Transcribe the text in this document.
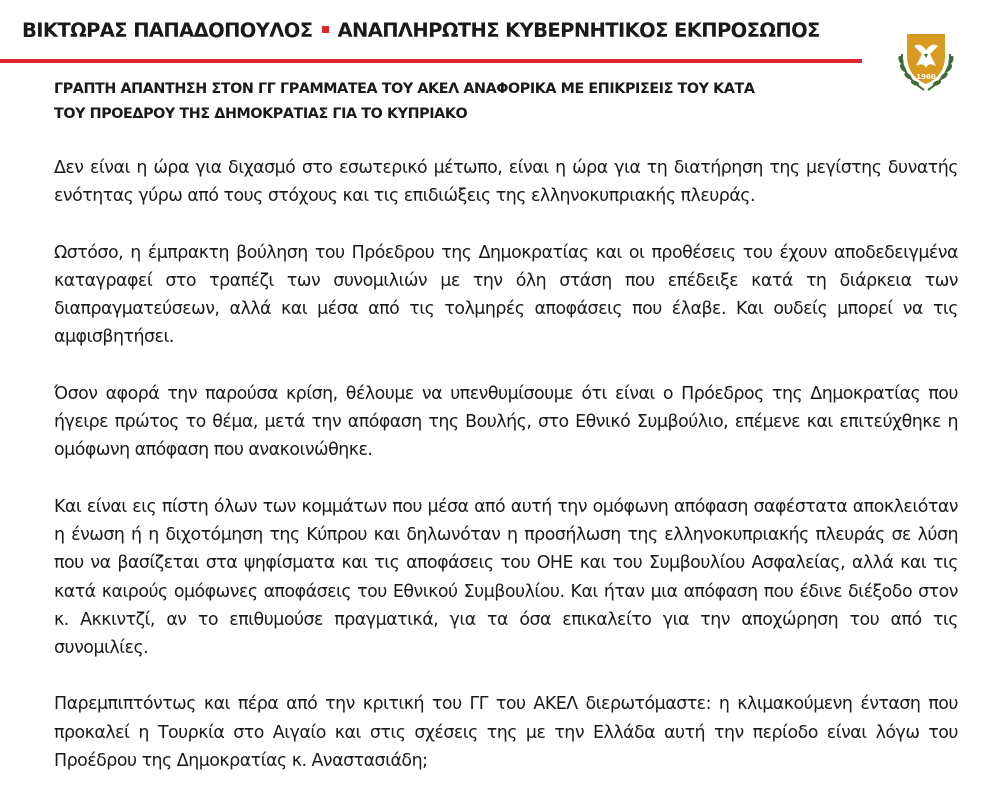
ΒΙΚΤΩΡΑΣ ΠΑΠΑΔΟΠΟΥΛΟΣ ΑΝΑΠΛΗΡΩΤΗΣ ΚΥΒΕΡΝΗΤΙΚΟΣ ΕΚΠΡΟΣΩΠΟΣ
1960
ΓΡΑΠΤΗ ΑΠΑΝΤΗΣΗ ΣΤΟΝ ΓΓ ΓΡΑΜΜΑΤΕΑ ΤΟΥ ΑΚΕΛ ΑΝΑΦΟΡΙΚΑ ΜΕ ΕΠΙΚΡΙΣΕΙΣ ΤΟΥ ΚΑΤΑ
ΤΟΥ ΠΡΟΕΔΡΟΥ ΤΗΣ ΔΗΜΟΚΡΑΤΙΑΣ ΓΙΑ ΤΟ ΚΥΠΡΙΑΚΟ

Δεν είναι η ώρα για διχασμό στο εσωτερικό μέτωπο, είναι η ώρα για τη διατήρηση της μεγίστης δυνατής ενότητας γύρω από τους στόχους και τις επιδιώξεις της ελληνοκυπριακής πλευράς.

Ωστόσο, η έμπρακτη βούληση του Πρόεδρου της Δημοκρατίας και οι προθέσεις του έχουν αποδεδειγμένα καταγραφεί στο τραπέζι των συνομιλιών με την όλη στάση που επέδειξε κατά τη διάρκεια των διαπραγματεύσεων, αλλά και μέσα από τις τολμηρές αποφάσεις που έλαβε. Και ουδείς μπορεί να τις αμφισβητήσει.

Όσον αφορά την παρούσα κρίση, θέλουμε να υπενθυμίσουμε ότι είναι ο Πρόεδρος της Δημοκρατίας που ήγειρε πρώτος το θέμα, μετά την απόφαση της Βουλής, στο Εθνικό Συμβούλιο, επέμενε και επιτεύχθηκε η ομόφωνη απόφαση που ανακοινώθηκε.

Και είναι εις πίστη όλων των κομμάτων που μέσα από αυτή την ομόφωνη απόφαση σαφέστατα αποκλειόταν η ένωση ή η διχοτόμηση της Κύπρου και δηλωνόταν η προσήλωση της ελληνοκυπριακής πλευράς σε λύση που να βασίζεται στα ψηφίσματα και τις αποφάσεις του ΟΗΕ και του Συμβουλίου Ασφαλείας, αλλά και τις κατά καιρούς ομόφωνες αποφάσεις του Εθνικού Συμβουλίου. Και ήταν μια απόφαση που έδινε διέξοδο στον κ. Ακκιντζί, αν το επιθυμούσε πραγματικά, για τα όσα επικαλείτο για την αποχώρηση του από τις συνομιλίες.

Παρεμπιπτόντως και πέρα από την κριτική του ΓΓ του ΑΚΕΛ διερωτόμαστε: η κλιμακούμενη ένταση που προκαλεί η Τουρκία στο Αιγαίο και στις σχέσεις της με την Ελλάδα αυτή την περίοδο είναι λόγω του Προέδρου της Δημοκρατίας κ. Αναστασιάδη;
